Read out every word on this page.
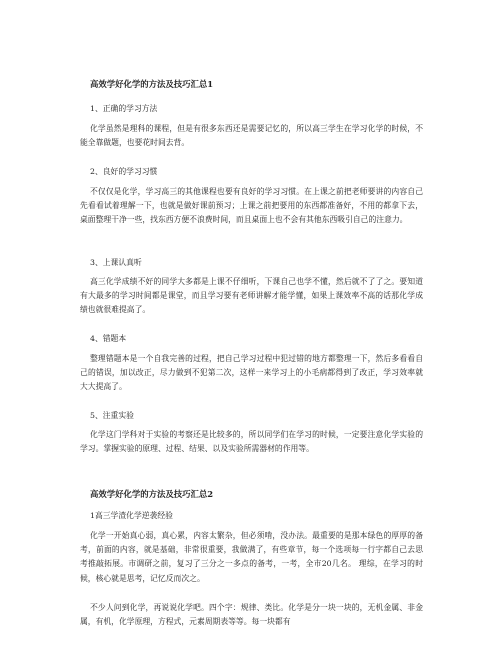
高效学好化学的方法及技巧汇总1
1、正确的学习方法

化学虽然是理科的课程，但是有很多东西还是需要记忆的，所以高三学生在学习化学的时候，不能全靠做题，也要花时间去背。

2、良好的学习习惯

不仅仅是化学，学习高三的其他课程也要有良好的学习习惯。在上课之前把老师要讲的内容自己先看看试着理解一下，也就是做好课前预习；上课之前把要用的东西都准备好，不用的都拿下去，桌面整理干净一些，找东西方便不浪费时间，而且桌面上也不会有其他东西吸引自己的注意力。

3、上课认真听

高三化学成绩不好的同学大多都是上课不仔细听，下课自己也学不懂，然后就不了了之。要知道有大最多的学习时间都是课堂，而且学习要有老师讲解才能学懂，如果上课效率不高的话那化学成绩也就很难提高了。

4、错题本

整理错题本是一个自我完善的过程，把自己学习过程中犯过错的地方都整理一下，然后多看看自己的错误，加以改正，尽力做到不犯第二次，这样一来学习上的小毛病都得到了改正，学习效率就大大提高了。

5、注重实验

化学这门学科对于实验的考察还是比较多的，所以同学们在学习的时候，一定要注意化学实验的学习。掌握实验的原理、过程、结果、以及实验所需器材的作用等。

高效学好化学的方法及技巧汇总2
1高三学渣化学逆袭经验

化学一开始真心弱，真心累，内容太繁杂，但必须啃，没办法。最重要的是那本绿色的厚厚的备考，前面的内容，就是基础，非常很重要，我做满了，有些章节，每一个选项每一行字都自己去思考推敲拓展。市调研之前，复习了三分之一多点的备考，一考，全市20几名。 理综，在学习的时候，核心就是思考，记忆反而次之。

不少人问到化学，再说说化学吧。四个字：规律、类比。化学是分一块一块的，无机金属、非金属，有机，化学原理，方程式，元素周期表等等。每一块都有
